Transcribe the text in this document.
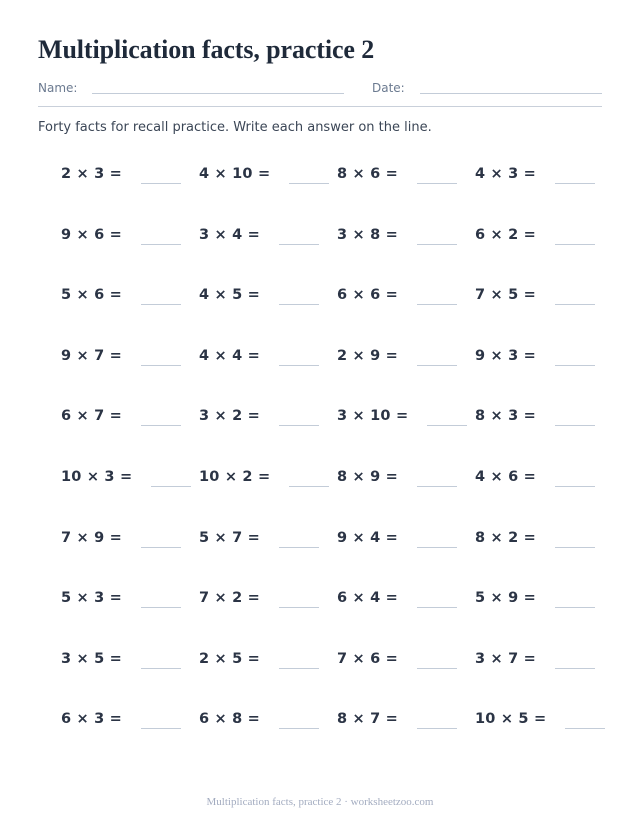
Multiplication facts, practice 2
Name:	Date:

Forty facts for recall practice. Write each answer on the line.

2 × 3 =	4 × 10 =	8 × 6 =	4 × 3 =
9 × 6 =	3 × 4 =	3 × 8 =	6 × 2 =
5 × 6 =	4 × 5 =	6 × 6 =	7 × 5 =
9 × 7 =	4 × 4 =	2 × 9 =	9 × 3 =
6 × 7 =	3 × 2 =	3 × 10 =	8 × 3 =
10 × 3 =	10 × 2 =	8 × 9 =	4 × 6 =
7 × 9 =	5 × 7 =	9 × 4 =	8 × 2 =
5 × 3 =	7 × 2 =	6 × 4 =	5 × 9 =
3 × 5 =	2 × 5 =	7 × 6 =	3 × 7 =
6 × 3 =	6 × 8 =	8 × 7 =	10 × 5 =
Multiplication facts, practice 2 · worksheetzoo.com
